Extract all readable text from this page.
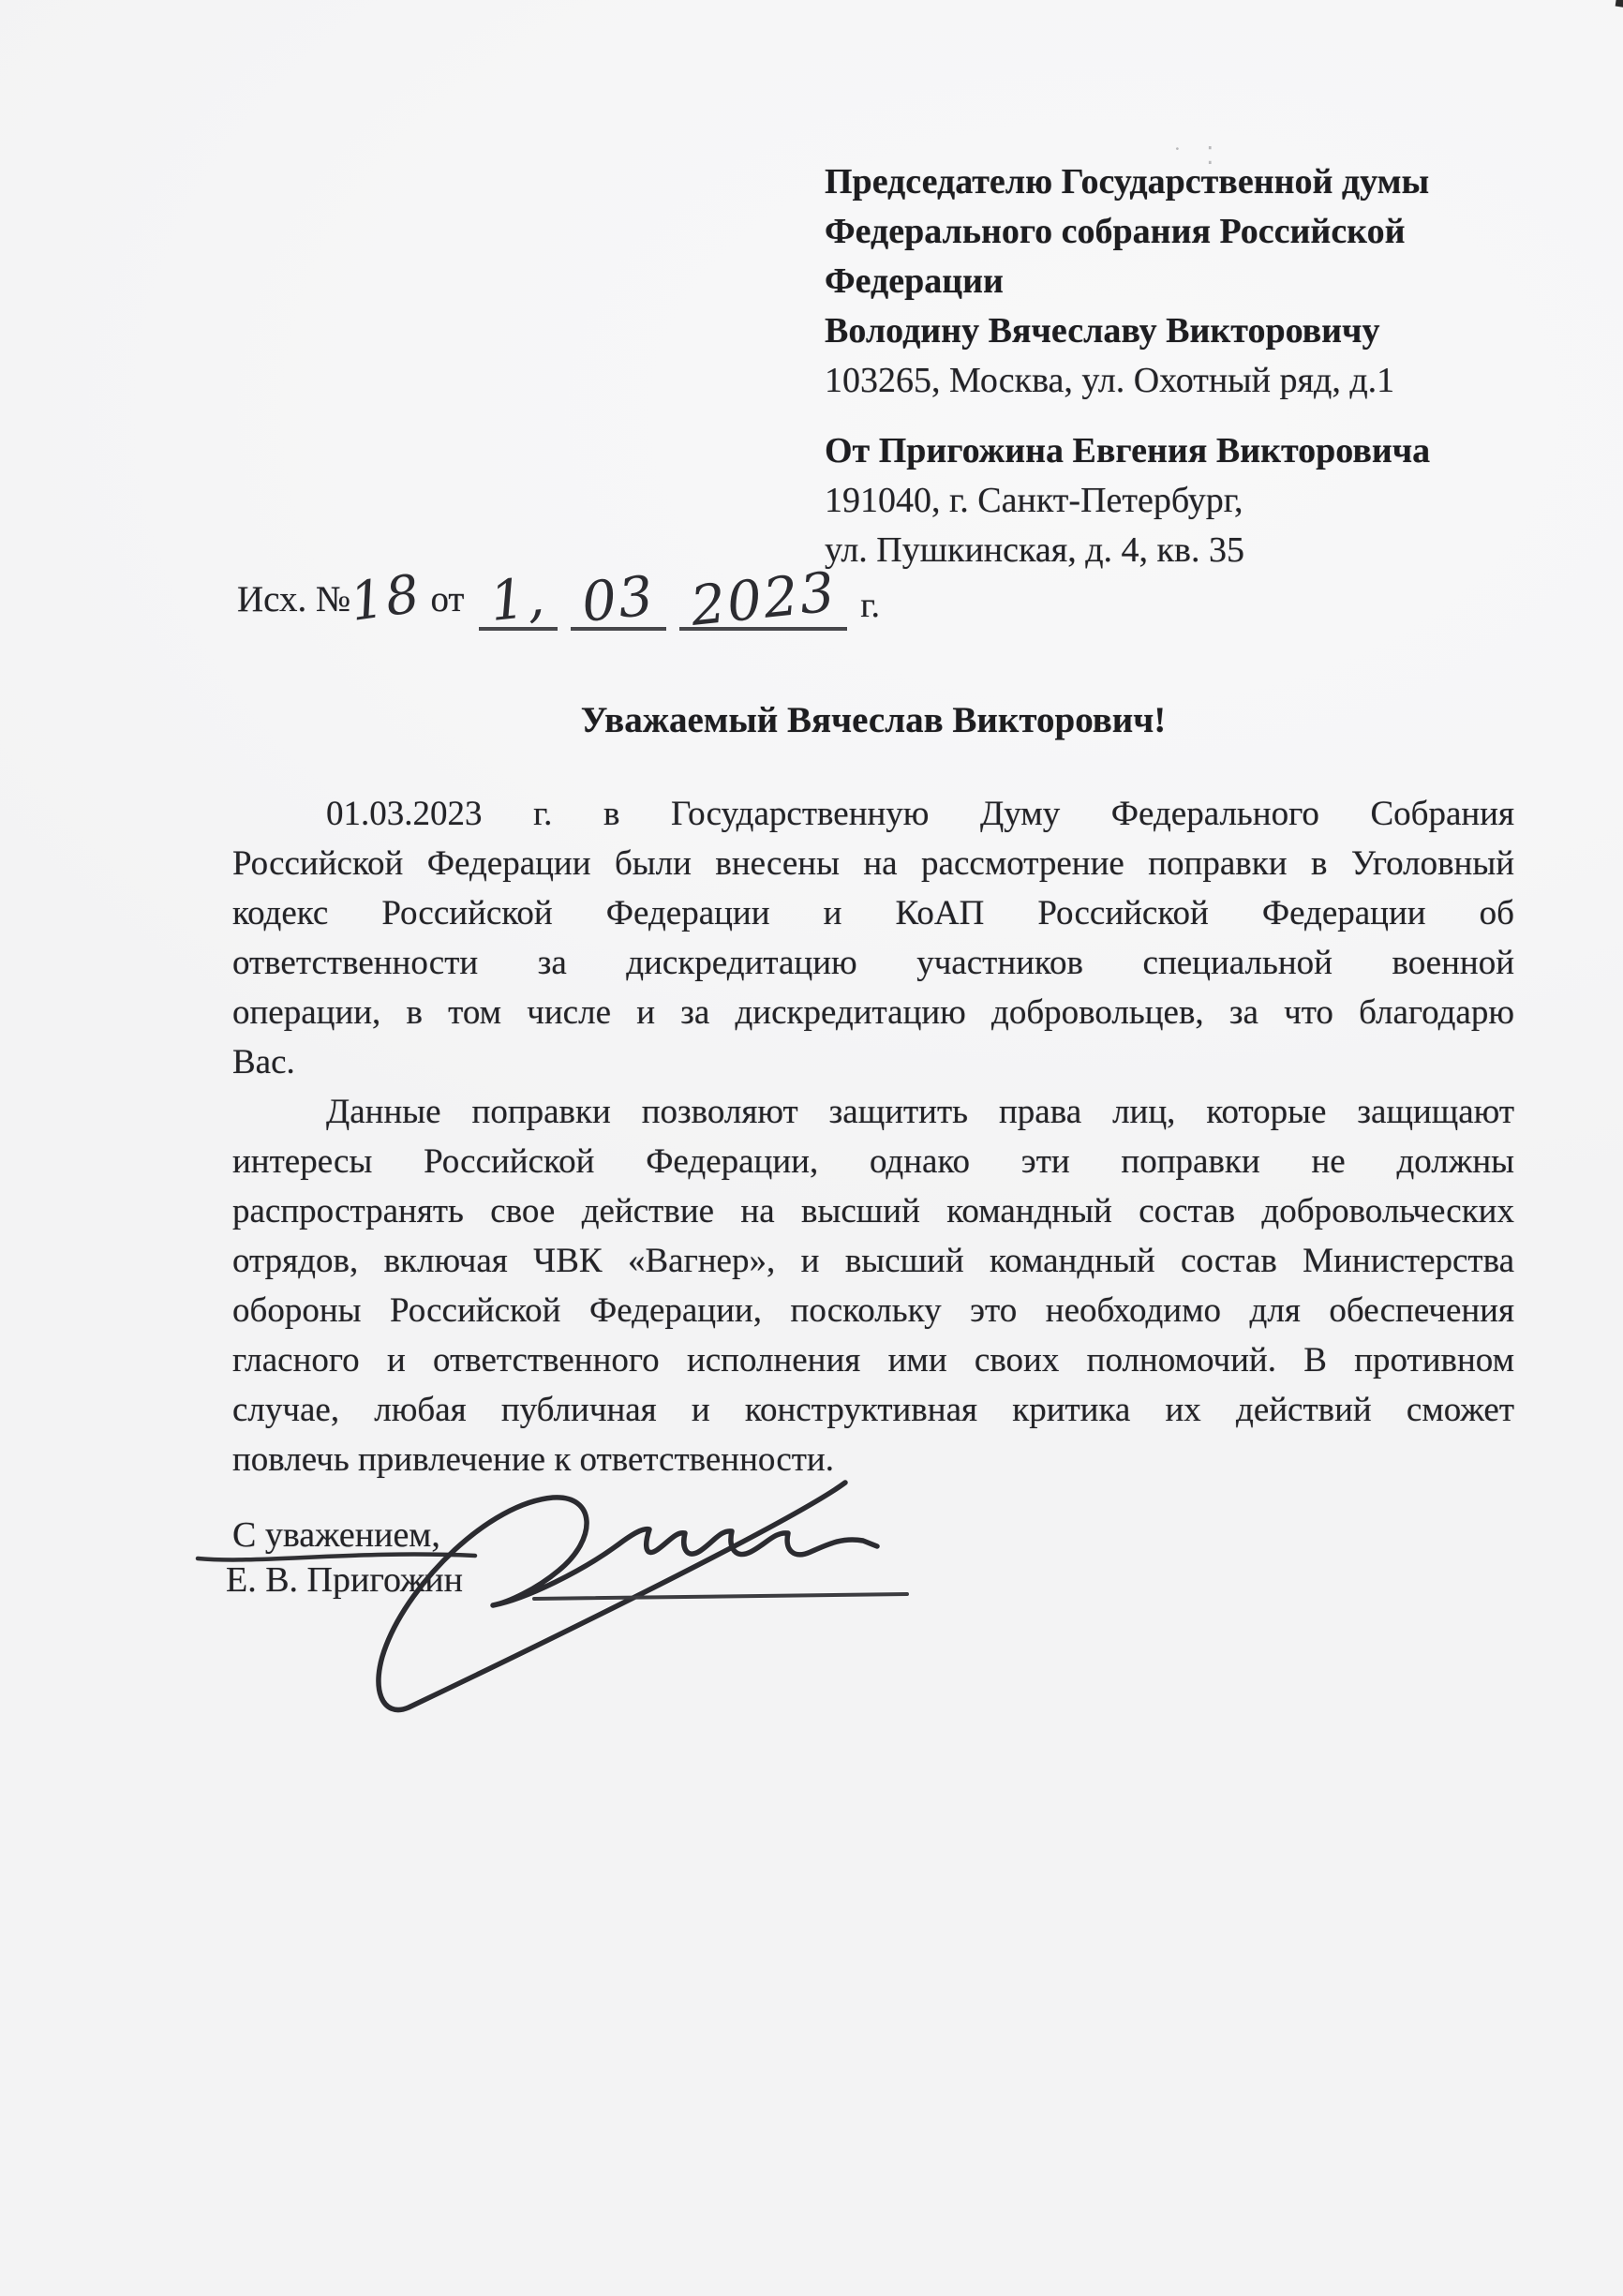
Председателю Государственной думы
Федерального собрания Российской
Федерации
Володину Вячеславу Викторовичу
103265, Москва, ул. Охотный ряд, д.1
От Пригожина Евгения Викторовича
191040, г. Санкт-Петербург,
ул. Пушкинская, д. 4, кв. 35
Исх. №
18 от 1, 03 2023 г.
Уважаемый Вячеслав Викторович!
01.03.2023 г. в Государственную Думу Федерального Собрания
Российской Федерации были внесены на рассмотрение поправки в Уголовный
кодекс Российской Федерации и КоАП Российской Федерации об
ответственности за дискредитацию участников специальной военной
операции, в том числе и за дискредитацию добровольцев, за что благодарю
Вас.
Данные поправки позволяют защитить права лиц, которые защищают
интересы Российской Федерации, однако эти поправки не должны
распространять свое действие на высший командный состав добровольческих
отрядов, включая ЧВК «Вагнер», и высший командный состав Министерства
обороны Российской Федерации, поскольку это необходимо для обеспечения
гласного и ответственного исполнения ими своих полномочий. В противном
случае, любая публичная и конструктивная критика их действий сможет
повлечь привлечение к ответственности.
С уважением,
Е. В. Пригожин
˙ ⁚
